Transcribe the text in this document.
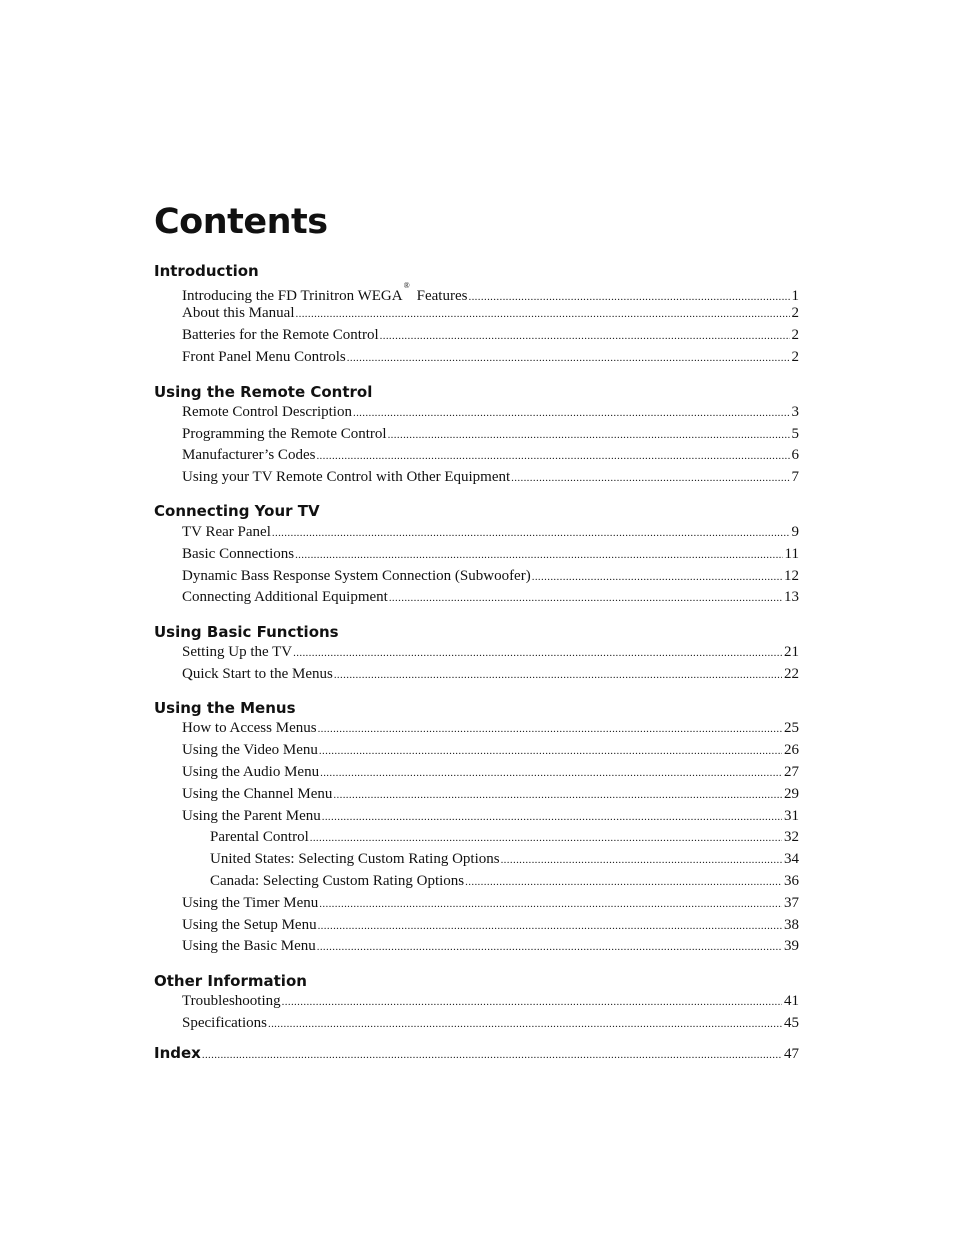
Contents
Introduction
Introducing the FD Trinitron WEGA®Features . . .	1
About this Manual . . .	2
Batteries for the Remote Control . . .	2
Front Panel Menu Controls . . .	2
Using the Remote Control
Remote Control Description . . .	3
Programming the Remote Control . . .	5
Manufacturer’s Codes . . .	6
Using your TV Remote Control with Other Equipment . . .	7
Connecting Your TV
TV Rear Panel . . .	9
Basic Connections . . .	11
Dynamic Bass Response System Connection (Subwoofer) . . .	12
Connecting Additional Equipment . . .	13
Using Basic Functions
Setting Up the TV . . .	21
Quick Start to the Menus . . .	22
Using the Menus
How to Access Menus . . .	25
Using the Video Menu . . .	26
Using the Audio Menu . . .	27
Using the Channel Menu . . .	29
Using the Parent Menu . . .	31
Parental Control . . .	32
United States: Selecting Custom Rating Options . . .	34
Canada: Selecting Custom Rating Options . . .	36
Using the Timer Menu . . .	37
Using the Setup Menu . . .	38
Using the Basic Menu . . .	39
Other Information
Troubleshooting . . .	41
Specifications . . .	45
Index . . .	47
